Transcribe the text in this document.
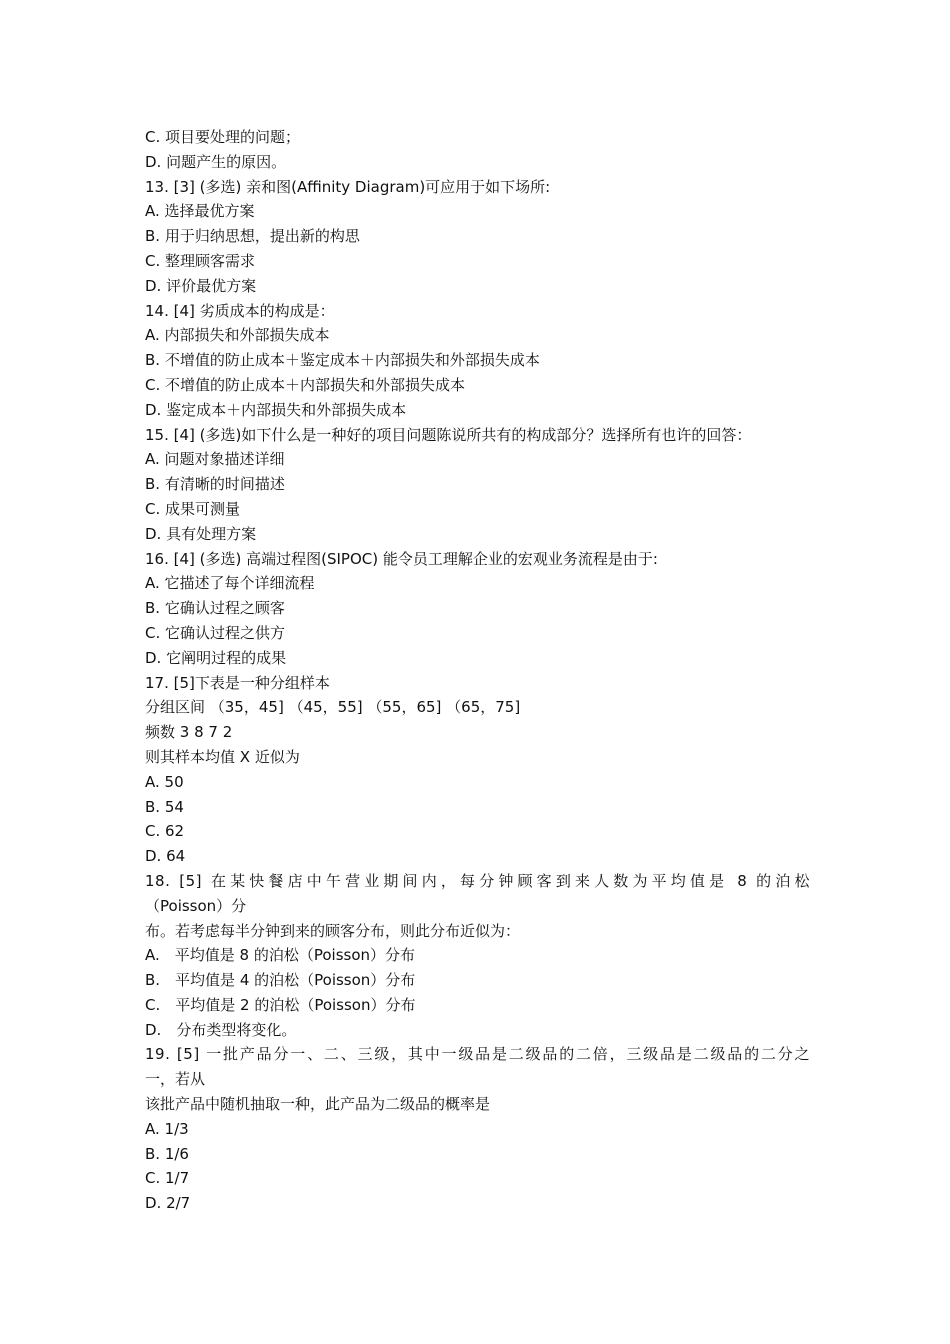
C. 项目要处理的问题；
D. 问题产生的原因。
13. [3] (多选) 亲和图(Affinity Diagram)可应用于如下场所:
A. 选择最优方案
B. 用于归纳思想，提出新的构思
C. 整理顾客需求
D. 评价最优方案
14. [4] 劣质成本的构成是：
A. 内部损失和外部损失成本
B. 不增值的防止成本＋鉴定成本＋内部损失和外部损失成本
C. 不增值的防止成本＋内部损失和外部损失成本
D. 鉴定成本＋内部损失和外部损失成本
15. [4] (多选)如下什么是一种好的项目问题陈说所共有的构成部分？选择所有也许的回答：
A. 问题对象描述详细
B. 有清晰的时间描述
C. 成果可测量
D. 具有处理方案
16. [4] (多选) 高端过程图(SIPOC) 能令员工理解企业的宏观业务流程是由于:
A. 它描述了每个详细流程
B. 它确认过程之顾客
C. 它确认过程之供方
D. 它阐明过程的成果
17. [5]下表是一种分组样本
分组区间 （35，45] （45，55] （55，65] （65，75]
频数 3 8 7 2
则其样本均值 X 近似为
A. 50
B. 54
C. 62
D. 64
18. [5] 在某快餐店中午营业期间内，每分钟顾客到来人数为平均值是 8 的泊松
（Poisson）分
布。若考虑每半分钟到来的顾客分布，则此分布近似为：
A.　平均值是 8 的泊松（Poisson）分布
B.　平均值是 4 的泊松（Poisson）分布
C.　平均值是 2 的泊松（Poisson）分布
D.　分布类型将变化。
19. [5] 一批产品分一、二、三级，其中一级品是二级品的二倍，三级品是二级品的二分之
一，若从
该批产品中随机抽取一种，此产品为二级品的概率是
A. 1/3
B. 1/6
C. 1/7
D. 2/7
